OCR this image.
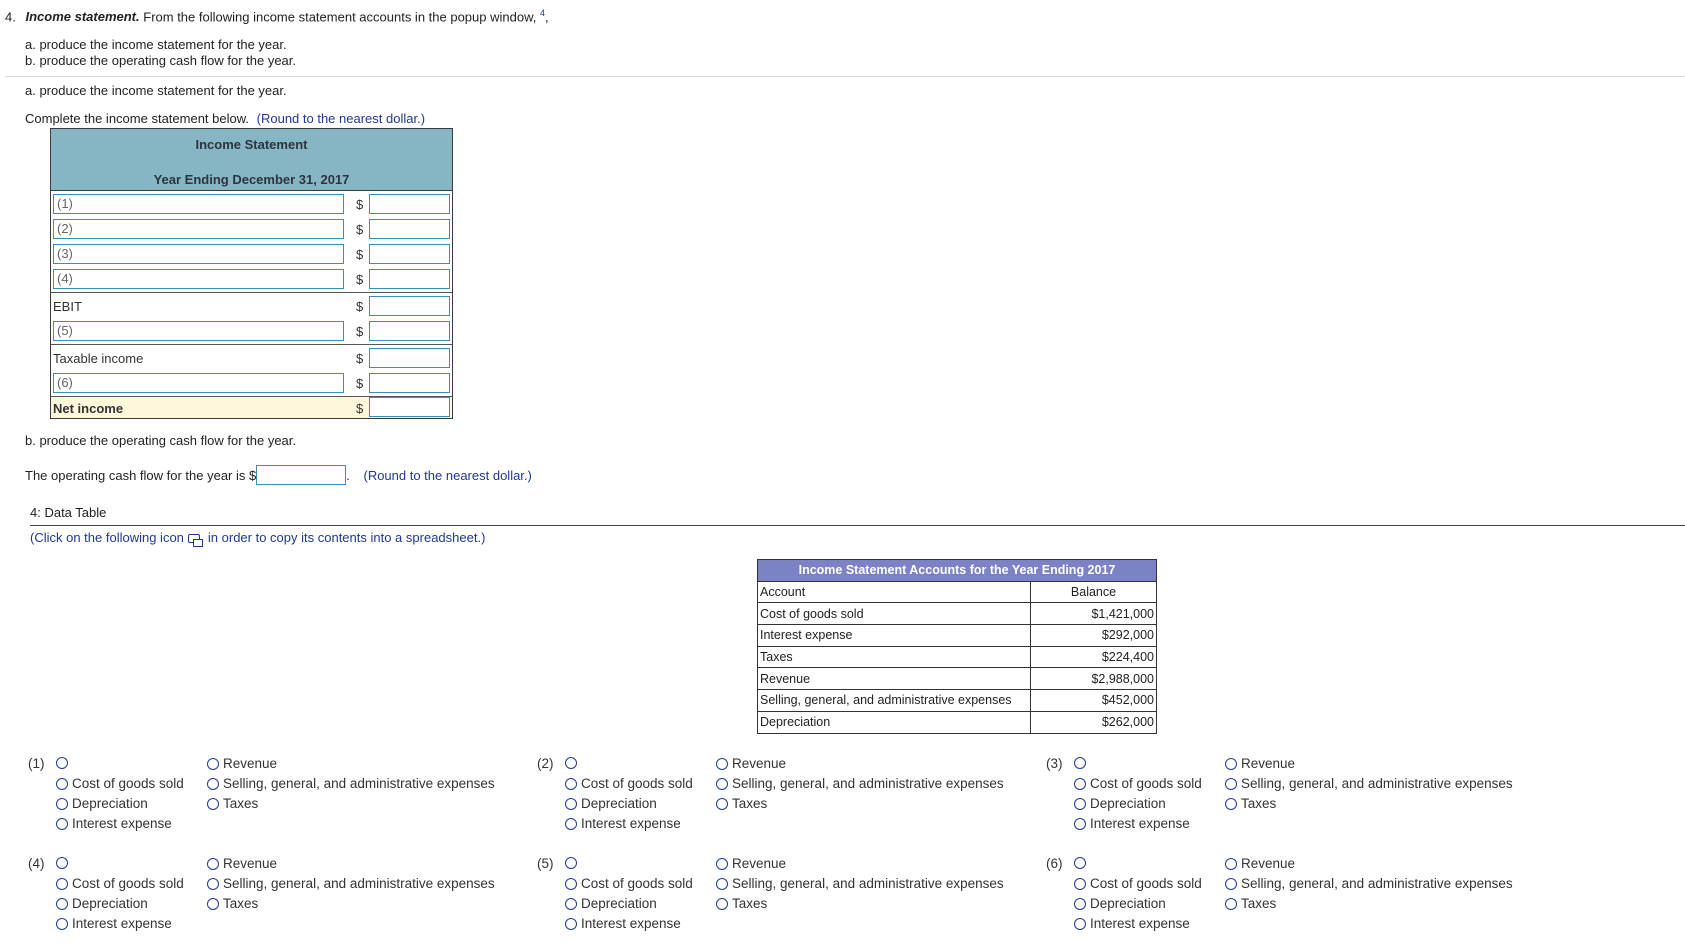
4. Income statement. From the following income statement accounts in the popup window, $^4$,
a. produce the income statement for the year.
b. produce the operating cash flow for the year.
a. produce the income statement for the year.
Complete the income statement below. (Round to the nearest dollar.)
Income Statement
Year Ending December 31, 2017
(1)	$
(2)	$
(3)	$
(4)	$
EBIT	$
(5)	$
Taxable income	$
(6)	$
Net income	$
b. produce the operating cash flow for the year.
The operating cash flow for the year is $	. (Round to the nearest dollar.)
4: Data Table
(Click on the following icon in order to copy its contents into a spreadsheet.)
Income Statement Accounts for the Year Ending 2017	
Account	Balance
Cost of goods sold	$1,421,000
Interest expense	$292,000
Taxes	$224,400
Revenue	$2,988,000
Selling, general, and administrative expenses	$452,000
Depreciation	$262,000
(1)
Cost of goods sold
Depreciation
Interest expense
Revenue
Selling, general, and administrative expenses
Taxes
(2)
Cost of goods sold
Depreciation
Interest expense
Revenue
Selling, general, and administrative expenses
Taxes
(3)
Cost of goods sold
Depreciation
Interest expense
Revenue
Selling, general, and administrative expenses
Taxes
(4)
Cost of goods sold
Depreciation
Interest expense
Revenue
Selling, general, and administrative expenses
Taxes
(5)
Cost of goods sold
Depreciation
Interest expense
Revenue
Selling, general, and administrative expenses
Taxes
(6)
Cost of goods sold
Depreciation
Interest expense
Revenue
Selling, general, and administrative expenses
Taxes
